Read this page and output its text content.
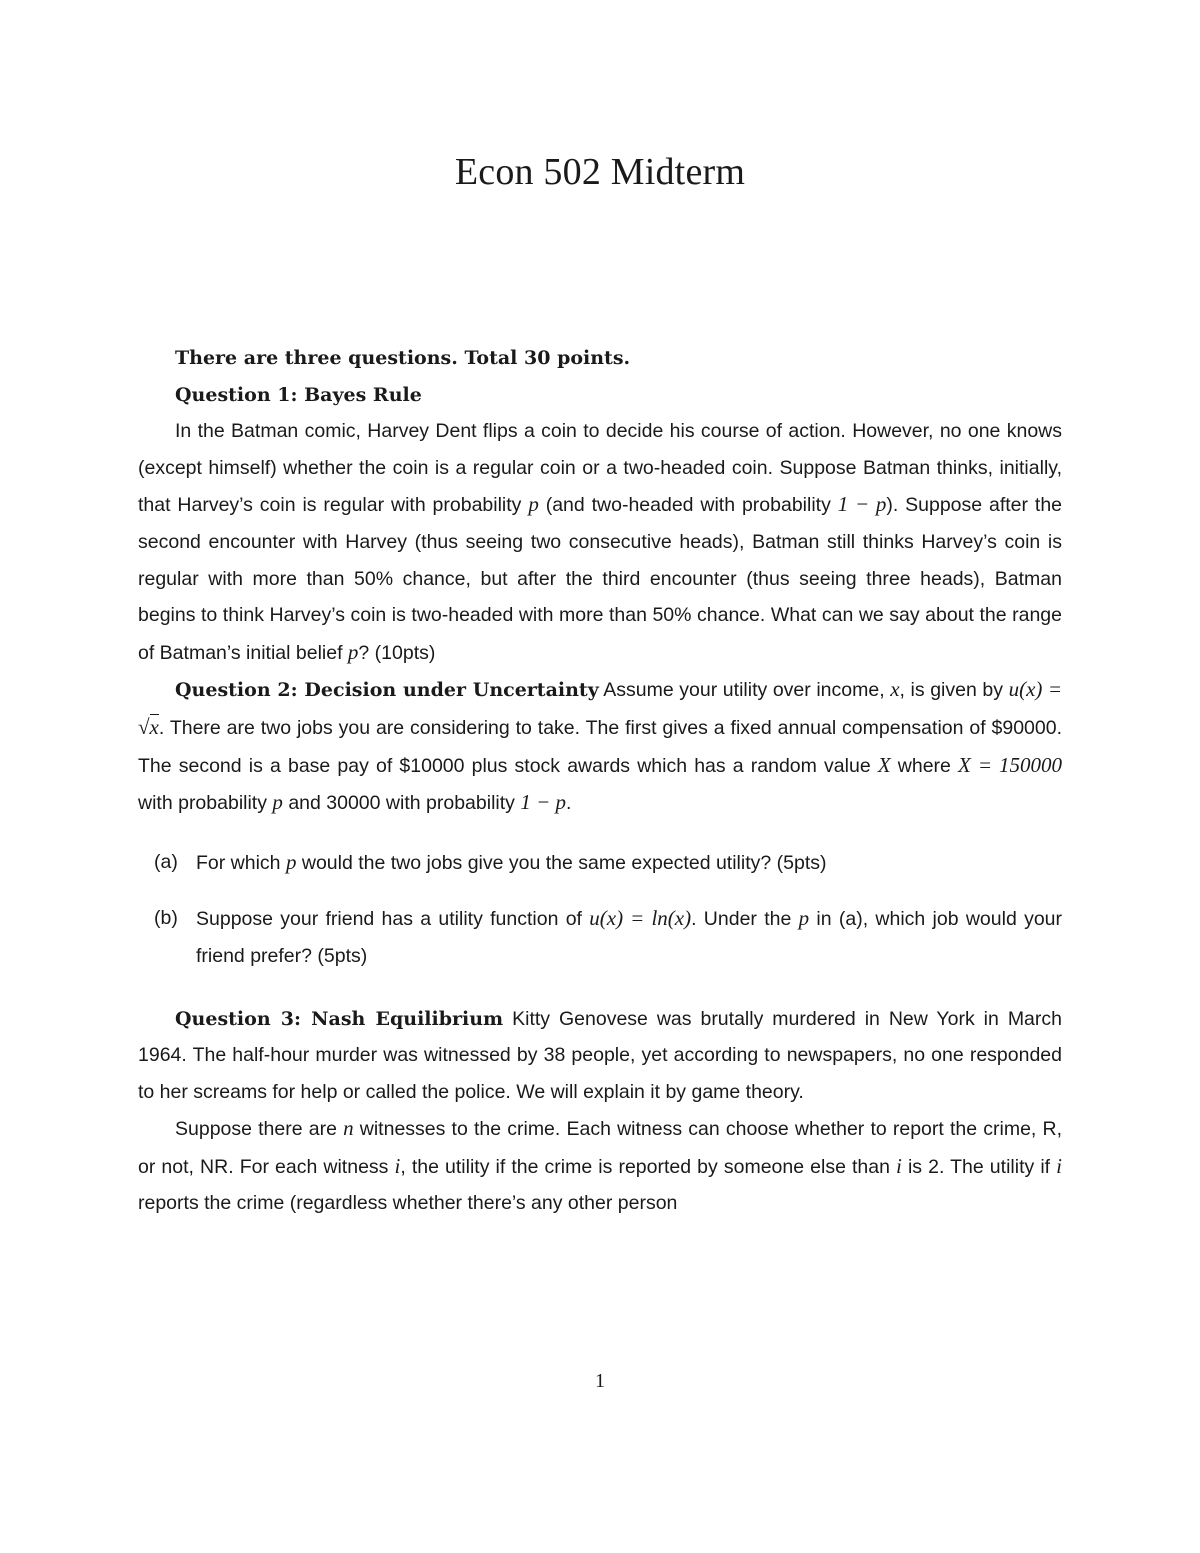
Econ 502 Midterm

There are three questions. Total 30 points.

Question 1: Bayes Rule

In the Batman comic, Harvey Dent flips a coin to decide his course of action. However, no one knows (except himself) whether the coin is a regular coin or a two-headed coin. Suppose Batman thinks, initially, that Harvey’s coin is regular with probability p (and two-headed with probability 1 − p). Suppose after the second encounter with Harvey (thus seeing two consecutive heads), Batman still thinks Harvey’s coin is regular with more than 50% chance, but after the third encounter (thus seeing three heads), Batman begins to think Harvey’s coin is two-headed with more than 50% chance. What can we say about the range of Batman’s initial belief p? (10pts)

Question 2: Decision under Uncertainty Assume your utility over income, x, is given by u(x) = √x. There are two jobs you are considering to take. The first gives a fixed annual compensation of $90000. The second is a base pay of $10000 plus stock awards which has a random value X where X = 150000 with probability p and 30000 with probability 1 − p.

(a) For which p would the two jobs give you the same expected utility? (5pts)
(b) Suppose your friend has a utility function of u(x) = ln(x). Under the p in (a), which job would your friend prefer? (5pts)

Question 3: Nash Equilibrium Kitty Genovese was brutally murdered in New York in March 1964. The half-hour murder was witnessed by 38 people, yet according to newspapers, no one responded to her screams for help or called the police. We will explain it by game theory.

Suppose there are n witnesses to the crime. Each witness can choose whether to report the crime, R, or not, NR. For each witness i, the utility if the crime is reported by someone else than i is 2. The utility if i reports the crime (regardless whether there’s any other person

1
